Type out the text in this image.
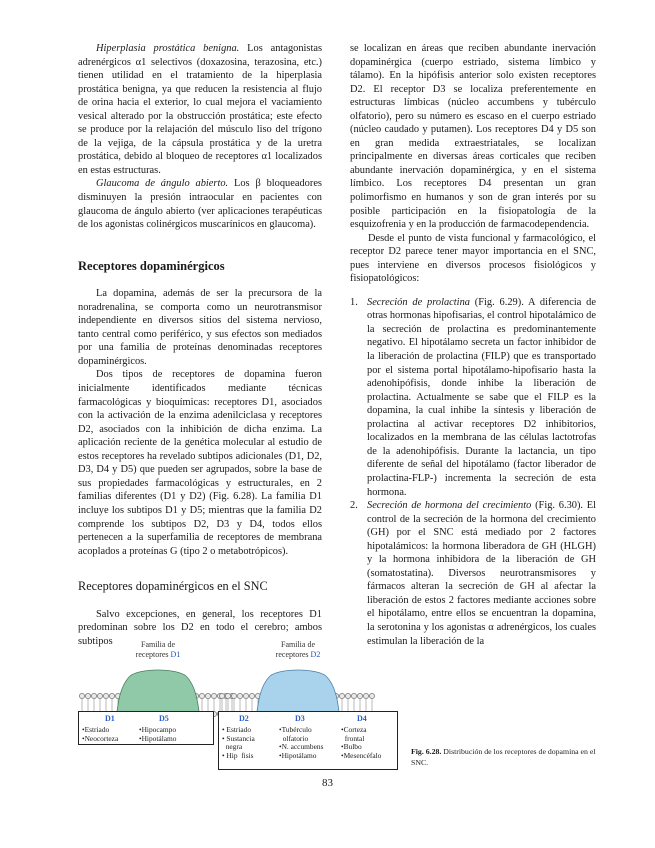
Hiperplasia prostática benigna. Los antagonistas adrenérgicos α1 selectivos (doxazosina, terazosina, etc.) tienen utilidad en el tratamiento de la hiperplasia prostática benigna, ya que reducen la resistencia al flujo de orina hacia el exterior, lo cual mejora el vaciamiento vesical alterado por la obstrucción prostática; este efecto se produce por la relajación del músculo liso del trígono de la vejiga, de la cápsula prostática y de la uretra prostática, debido al bloqueo de receptores α1 localizados en estas estructuras.

Glaucoma de ángulo abierto. Los β bloqueadores disminuyen la presión intraocular en pacientes con glaucoma de ángulo abierto (ver aplicaciones terapéuticas de los agonistas colinérgicos muscarínicos en glaucoma).

Receptores dopaminérgicos

La dopamina, además de ser la precursora de la noradrenalina, se comporta como un neurotransmisor independiente en diversos sitios del sistema nervioso, tanto central como periférico, y sus efectos son mediados por una familia de proteínas denominadas receptores dopaminérgicos.

Dos tipos de receptores de dopamina fueron inicialmente identificados mediante técnicas farmacológicas y bioquímicas: receptores D1, asociados con la activación de la enzima adenilciclasa y receptores D2, asociados con la inhibición de dicha enzima. La aplicación reciente de la genética molecular al estudio de estos receptores ha revelado subtipos adicionales (D1, D2, D3, D4 y D5) que pueden ser agrupados, sobre la base de sus propiedades farmacológicas y estructurales, en 2 familias diferentes (D1 y D2) (Fig. 6.28). La familia D1 incluye los subtipos D1 y D5; mientras que la familia D2 comprende los subtipos D2, D3 y D4, todos ellos pertenecen a la superfamilia de receptores de membrana acoplados a proteínas G (tipo 2 o metabotrópicos).

Receptores dopaminérgicos en el SNC

Salvo excepciones, en general, los receptores D1 predominan sobre los D2 en todo el cerebro; ambos subtipos

se localizan en áreas que reciben abundante inervación dopaminérgica (cuerpo estriado, sistema límbico y tálamo). En la hipófisis anterior solo existen receptores D2. El receptor D3 se localiza preferentemente en estructuras límbicas (núcleo accumbens y tubérculo olfatorio), pero su número es escaso en el cuerpo estriado (núcleo caudado y putamen). Los receptores D4 y D5 son en gran medida extraestriatales, se localizan principalmente en diversas áreas corticales que reciben abundante inervación dopaminérgica, y en el sistema límbico. Los receptores D4 presentan un gran polimorfismo en humanos y son de gran interés por su posible participación en la fisiopatología de la esquizofrenia y en la producción de farmacodependencia.

Desde el punto de vista funcional y farmacológico, el receptor D2 parece tener mayor importancia en el SNC, pues interviene en diversos procesos fisiológicos y fisiopatológicos:

1. Secreción de prolactina (Fig. 6.29). A diferencia de otras hormonas hipofisarias, el control hipotalámico de la secreción de prolactina es predominantemente negativo. El hipotálamo secreta un factor inhibidor de la liberación de prolactina (FILP) que es transportado por el sistema portal hipotálamo-hipofisario hasta la adenohipófisis, donde inhibe la liberación de prolactina. Actualmente se sabe que el FILP es la dopamina, la cual inhibe la síntesis y liberación de prolactina al activar receptores D2 inhibitorios, localizados en la membrana de las células lactotrofas de la adenohipófisis. Durante la lactancia, un tipo diferente de señal del hipotálamo (factor liberador de prolactina-FLP-) incrementa la secreción de esta hormona.
2. Secreción de hormona del crecimiento (Fig. 6.30). El control de la secreción de la hormona del crecimiento (GH) por el SNC está mediado por 2 factores hipotalámicos: la hormona liberadora de GH (HLGH) y la hormona inhibidora de la liberación de GH (somatostatina). Diversos neurotransmisores y fármacos alteran la secreción de GH al afectar la liberación de estos 2 factores mediante acciones sobre el hipotálamo, entre ellos se encuentran la dopamina, la serotonina y los agonistas α adrenérgicos, los cuales estimulan la liberación de la
Familia de
receptores D1
Familia de
receptores D2
D1	D5
•Estriado
•Neocorteza
•Hipocampo
•Hipotálamo
D2	D3	D4
• Estriado
• Sustancia
negra
• Hip  fisis
•Tubérculo
olfatorio
•N. accumbens
•Hipotálamo
•Corteza
frontal
•Bulbo
•Mesencéfalo	Fig. 6.28. Distribución de los receptores de dopamina en el SNC.
83
